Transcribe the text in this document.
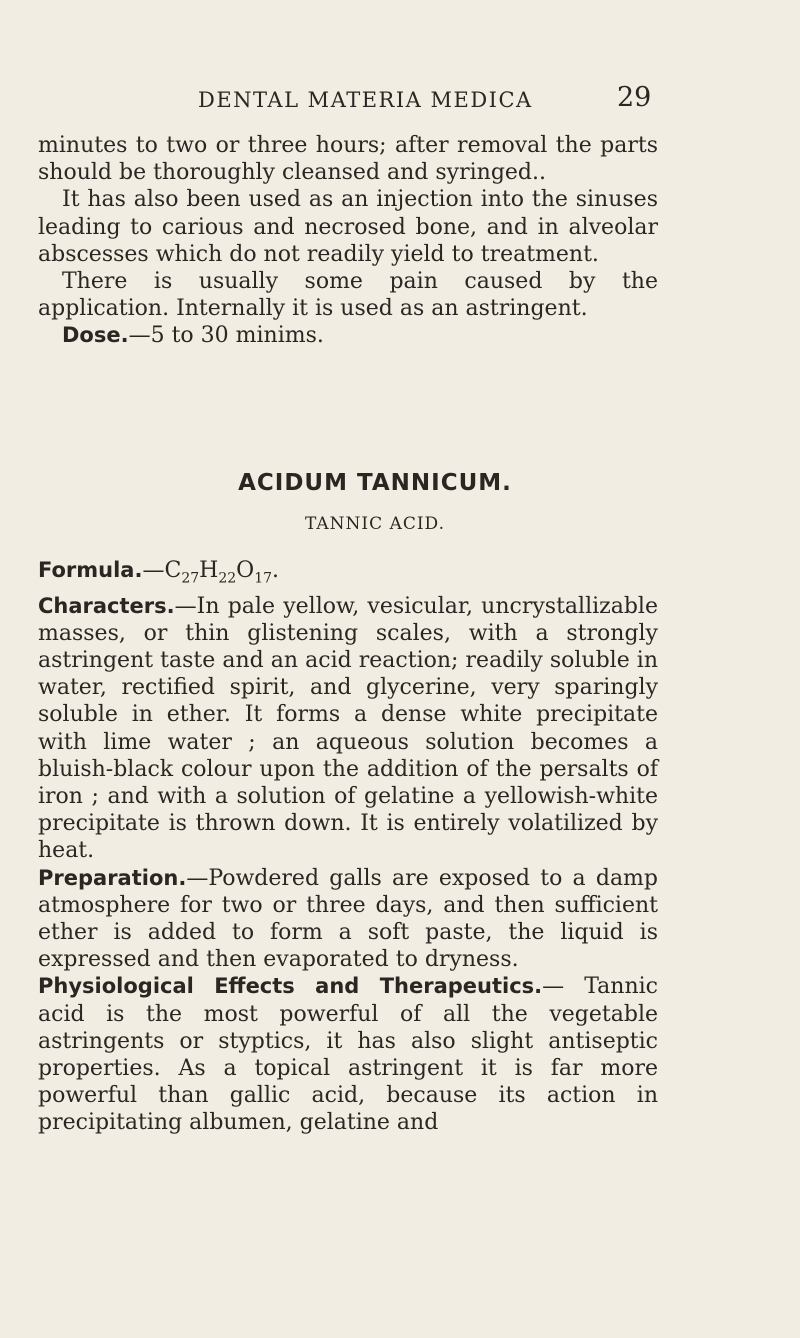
DENTAL MATERIA MEDICA	29

minutes to two or three hours; after removal the parts should be thoroughly cleansed and syringed..

It has also been used as an injection into the sinuses leading to carious and necrosed bone, and in alveolar abscesses which do not readily yield to treatment.

There is usually some pain caused by the application. Internally it is used as an astringent.

Dose.—5 to 30 minims.

ACIDUM TANNICUM.
TANNIC ACID.

$Formula.—C_{27}H_{22}O_{17}$.

Characters.—In pale yellow, vesicular, uncrystallizable masses, or thin glistening scales, with a strongly astringent taste and an acid reaction; readily soluble in water, rectified spirit, and glycerine, very sparingly soluble in ether. It forms a dense white precipitate with lime water ; an aqueous solution becomes a bluish-black colour upon the addition of the persalts of iron ; and with a solution of gelatine a yellowish-white precipitate is thrown down. It is entirely volatilized by heat.

Preparation.—Powdered galls are exposed to a damp atmosphere for two or three days, and then sufficient ether is added to form a soft paste, the liquid is expressed and then evaporated to dryness.

Physiological Effects and Therapeutics.— Tannic acid is the most powerful of all the vegetable astringents or styptics, it has also slight antiseptic properties. As a topical astringent it is far more powerful than gallic acid, because its action in precipitating albumen, gelatine and
